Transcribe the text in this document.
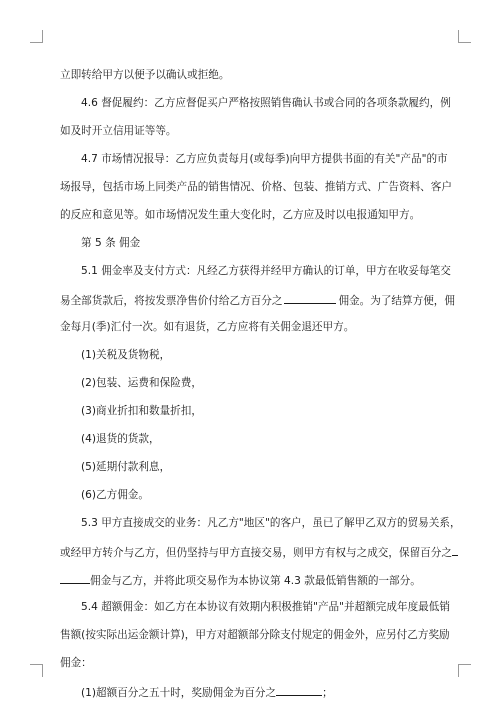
立即转给甲方以便予以确认或拒绝。
4.6 督促履约：乙方应督促买户严格按照销售确认书或合同的各项条款履约，例
如及时开立信用证等等。
4.7 市场情况报导：乙方应负责每月(或每季)向甲方提供书面的有关"产品"的市
场报导，包括市场上同类产品的销售情况、价格、包装、推销方式、广告资料、客户
的反应和意见等。如市场情况发生重大变化时，乙方应及时以电报通知甲方。
第 5 条 佣金
5.1 佣金率及支付方式：凡经乙方获得并经甲方确认的订单，甲方在收妥每笔交
易全部货款后，将按发票净售价付给乙方百分之	佣金。为了结算方便，佣
金每月(季)汇付一次。如有退货，乙方应将有关佣金退还甲方。
(1)关税及货物税，
(2)包装、运费和保险费，
(3)商业折扣和数量折扣，
(4)退货的货款，
(5)延期付款利息，
(6)乙方佣金。
5.3 甲方直接成交的业务：凡乙方"地区"的客户，虽已了解甲乙双方的贸易关系，
或经甲方转介与乙方，但仍坚持与甲方直接交易，则甲方有权与之成交，保留百分之
佣金与乙方，并将此项交易作为本协议第 4.3 款最低销售额的一部分。
5.4 超额佣金：如乙方在本协议有效期内积极推销"产品"并超额完成年度最低销
售额(按实际出运金额计算)，甲方对超额部分除支付规定的佣金外，应另付乙方奖励
佣金：
(1)超额百分之五十时，奖励佣金为百分之	；
